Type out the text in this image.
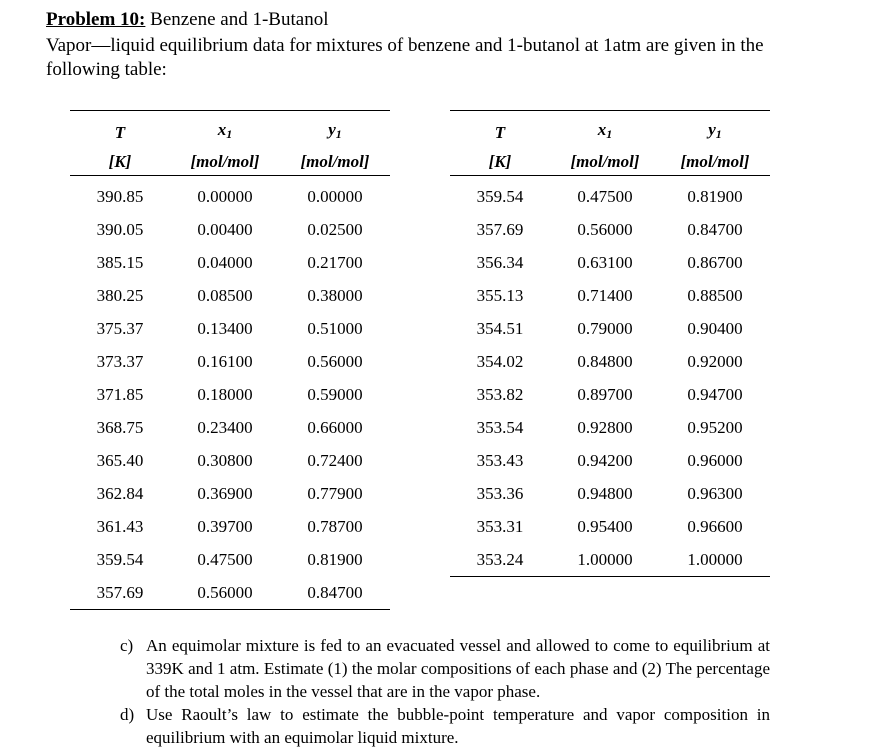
Problem 10: Benzene and 1-Butanol
Vapor—liquid equilibrium data for mixtures of benzene and 1-butanol at 1atm are given in the
following table:
T	$x_1$	$y_1$
[K]	[mol/mol]	[mol/mol]
390.85	0.00000	0.00000
390.05	0.00400	0.02500
385.15	0.04000	0.21700
380.25	0.08500	0.38000
375.37	0.13400	0.51000
373.37	0.16100	0.56000
371.85	0.18000	0.59000
368.75	0.23400	0.66000
365.40	0.30800	0.72400
362.84	0.36900	0.77900
361.43	0.39700	0.78700
359.54	0.47500	0.81900
357.69	0.56000	0.84700
T	$x_1$	$y_1$
[K]	[mol/mol]	[mol/mol]
359.54	0.47500	0.81900
357.69	0.56000	0.84700
356.34	0.63100	0.86700
355.13	0.71400	0.88500
354.51	0.79000	0.90400
354.02	0.84800	0.92000
353.82	0.89700	0.94700
353.54	0.92800	0.95200
353.43	0.94200	0.96000
353.36	0.94800	0.96300
353.31	0.95400	0.96600
353.24	1.00000	1.00000
c) An equimolar mixture is fed to an evacuated vessel and allowed to come to equilibrium at 339K and 1 atm. Estimate (1) the molar compositions of each phase and (2) The percentage of the total moles in the vessel that are in the vapor phase.
d) Use Raoult’s law to estimate the bubble-point temperature and vapor composition in equilibrium with an equimolar liquid mixture.
